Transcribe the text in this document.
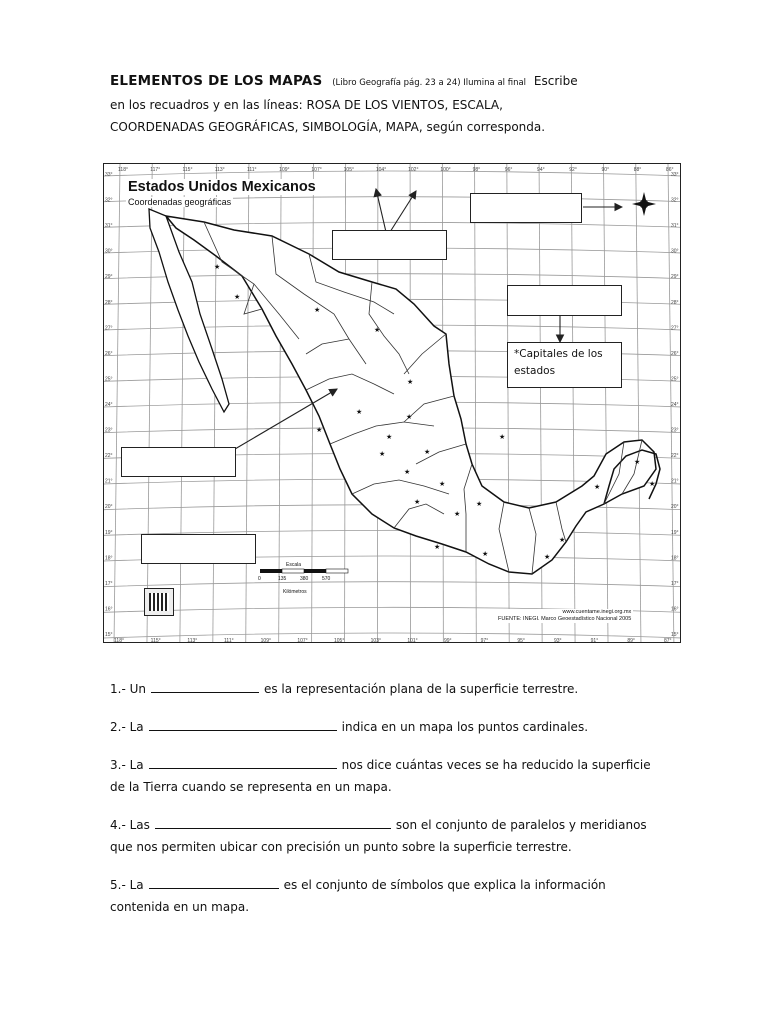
ELEMENTOS DE LOS MAPAS (Libro Geografía pág. 23 a 24) Ilumina al final Escribe
en los recuadros y en las líneas: ROSA DE LOS VIENTOS, ESCALA,
COORDENADAS GEOGRÁFICAS, SIMBOLOGÍA, MAPA, según corresponda.
118°	117°	115°	113°	111°	109°	107°	105°	104°	102°	100°	98°	96°	94°	92°	90°	88°	86°
118°	115°	113°	111°	109°	107°	105°	103°	101°	99°	97°	95°	93°	91°	89°	87°
33°
32°
31°
30°
29°
28°
27°
26°
25°
24°
23°
22°
21°
20°
19°
18°
17°
16°
15°
33°
32°
31°
30°
29°
28°
27°
26°
25°
24°
23°
22°
21°
20°
19°
18°
17°
16°
15°
★
★
★
★
★
★
★
★
★
★
★
★
★
★	★
★
★
★
★
★
★
★
★
★
Estados Unidos Mexicanos
Coordenadas geográficas
*Capitales de los estados
Escala
0	135	380	570
Kilómetros
www.cuentame.inegi.org.mx
FUENTE: INEGI. Marco Geoestadístico Nacional 2005
1.- Un	es la representación plana de la superficie terrestre.
2.- La	indica en un mapa los puntos cardinales.
3.- La	nos dice cuántas veces se ha reducido la superficie
de la Tierra cuando se representa en un mapa.
4.- Las	son el conjunto de paralelos y meridianos
que nos permiten ubicar con precisión un punto sobre la superficie terrestre.
5.- La	es el conjunto de símbolos que explica la información
contenida en un mapa.
